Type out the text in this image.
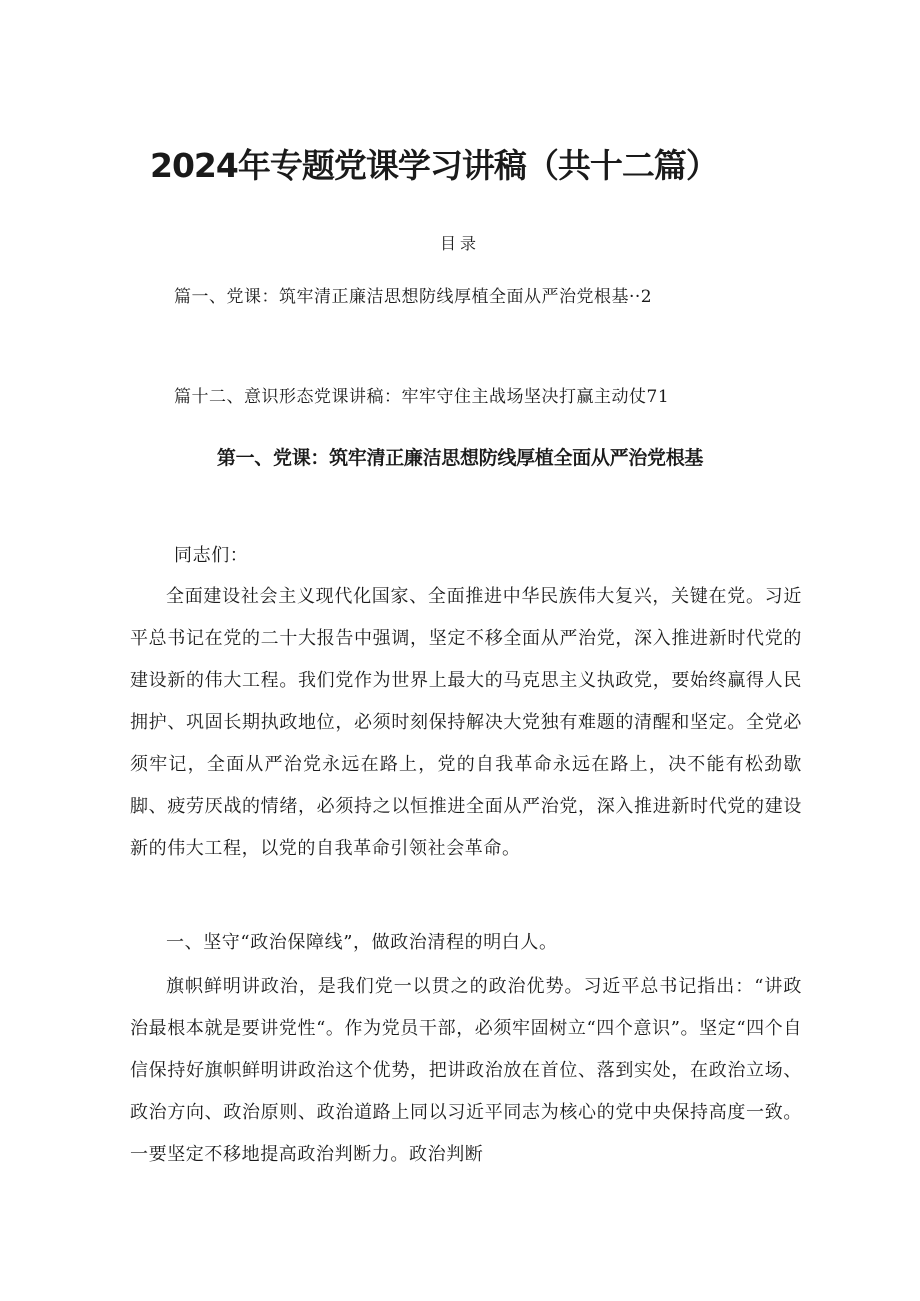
2024年专题党课学习讲稿（共十二篇）
目录
篇一、党课：筑牢清正廉洁思想防线厚植全面从严治党根基··2
篇十二、意识形态党课讲稿：牢牢守住主战场坚决打赢主动仗71
第一、党课：筑牢清正廉洁思想防线厚植全面从严治党根基
同志们：
全面建设社会主义现代化国家、全面推进中华民族伟大复兴，关键在党。习近平总书记在党的二十大报告中强调，坚定不移全面从严治党，深入推进新时代党的建设新的伟大工程。我们党作为世界上最大的马克思主义执政党，要始终赢得人民拥护、巩固长期执政地位，必须时刻保持解决大党独有难题的清醒和坚定。全党必须牢记，全面从严治党永远在路上，党的自我革命永远在路上，决不能有松劲歇脚、疲劳厌战的情绪，必须持之以恒推进全面从严治党，深入推进新时代党的建设新的伟大工程，以党的自我革命引领社会革命。
一、坚守“政治保障线”，做政治清程的明白人。
旗帜鲜明讲政治，是我们党一以贯之的政治优势。习近平总书记指出：“讲政治最根本就是要讲党性“。作为党员干部，必须牢固树立“四个意识”。坚定“四个自信保持好旗帜鲜明讲政治这个优势，把讲政治放在首位、落到实处，在政治立场、政治方向、政治原则、政治道路上同以习近平同志为核心的党中央保持高度一致。一要坚定不移地提高政治判断力。政治判断
